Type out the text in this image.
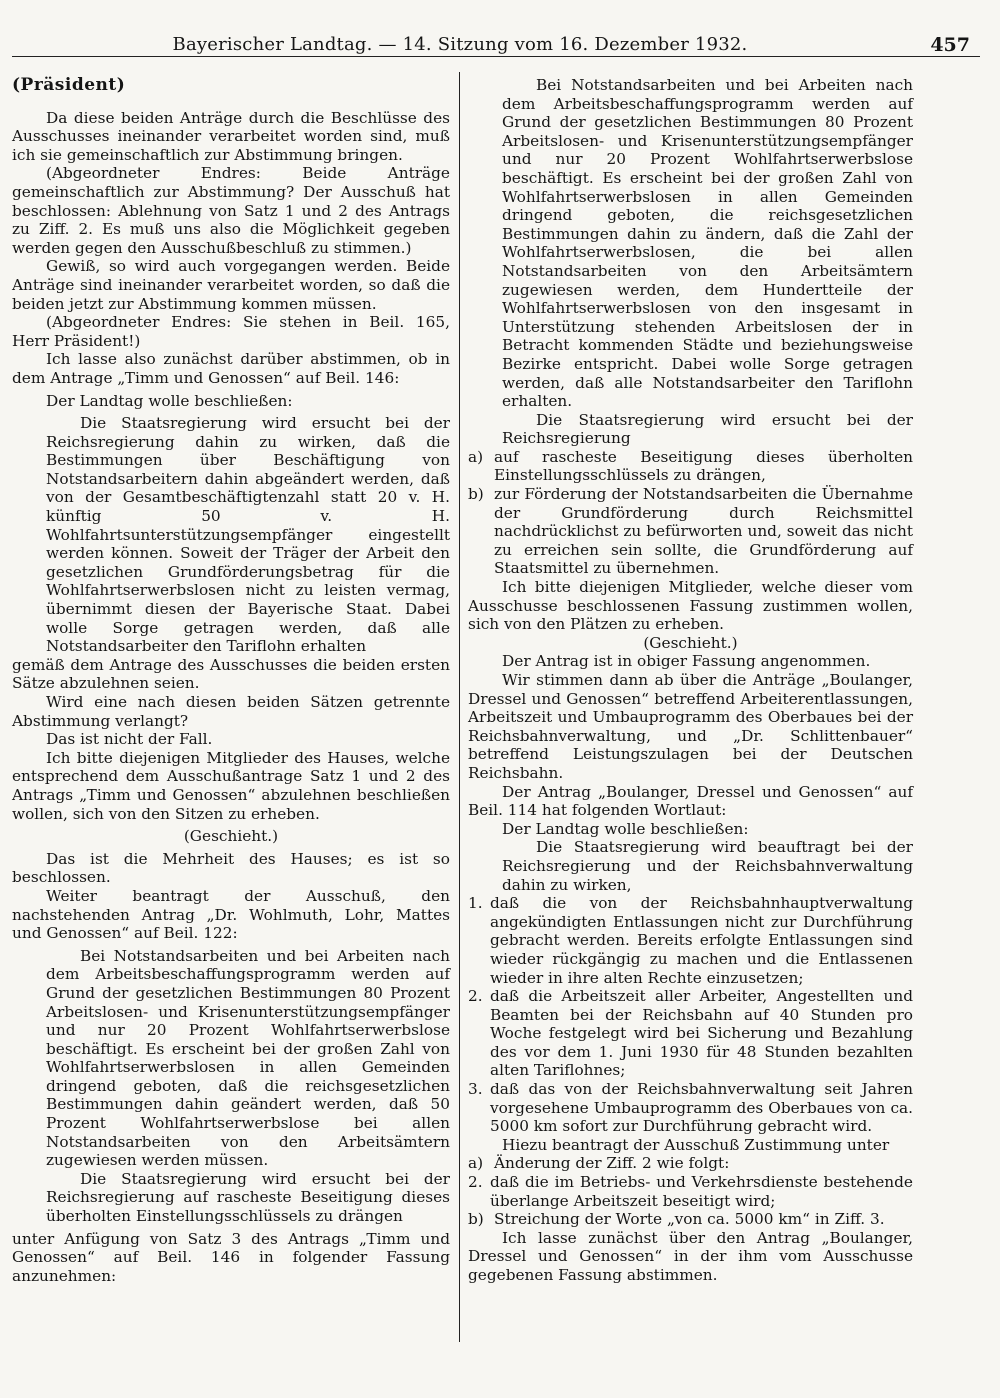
Bayerischer Landtag. — 14. Sitzung vom 16. Dezember 1932.	457

(Präsident)

Da diese beiden Anträge durch die Beschlüsse des Ausschusses ineinander verarbeitet worden sind, muß ich sie gemeinschaftlich zur Abstimmung bringen.

(Abgeordneter Endres: Beide Anträge gemeinschaftlich zur Abstimmung? Der Ausschuß hat beschlossen: Ablehnung von Satz 1 und 2 des Antrags zu Ziff. 2. Es muß uns also die Möglichkeit gegeben werden gegen den Ausschußbeschluß zu stimmen.)

Gewiß, so wird auch vorgegangen werden. Beide Anträge sind ineinander verarbeitet worden, so daß die beiden jetzt zur Abstimmung kommen müssen.

(Abgeordneter Endres: Sie stehen in Beil. 165, Herr Präsident!)

Ich lasse also zunächst darüber abstimmen, ob in dem Antrage „Timm und Genossen“ auf Beil. 146:

Der Landtag wolle beschließen:

Die Staatsregierung wird ersucht bei der Reichsregierung dahin zu wirken, daß die Bestimmungen über Beschäftigung von Notstandsarbeitern dahin abgeändert werden, daß von der Gesamtbeschäftigtenzahl statt 20 v. H. künftig 50 v. H. Wohlfahrtsunterstützungsempfänger eingestellt werden können. Soweit der Träger der Arbeit den gesetzlichen Grundförderungsbetrag für die Wohlfahrtserwerbslosen nicht zu leisten vermag, übernimmt diesen der Bayerische Staat. Dabei wolle Sorge getragen werden, daß alle Notstandsarbeiter den Tariflohn erhalten

gemäß dem Antrage des Ausschusses die beiden ersten Sätze abzulehnen seien.

Wird eine nach diesen beiden Sätzen getrennte Abstimmung verlangt?

Das ist nicht der Fall.

Ich bitte diejenigen Mitglieder des Hauses, welche entsprechend dem Ausschußantrage Satz 1 und 2 des Antrags „Timm und Genossen“ abzulehnen beschließen wollen, sich von den Sitzen zu erheben.

(Geschieht.)

Das ist die Mehrheit des Hauses; es ist so beschlossen.

Weiter beantragt der Ausschuß, den nachstehenden Antrag „Dr. Wohlmuth, Lohr, Mattes und Genossen“ auf Beil. 122:

Bei Notstandsarbeiten und bei Arbeiten nach dem Arbeitsbeschaffungsprogramm werden auf Grund der gesetzlichen Bestimmungen 80 Prozent Arbeitslosen- und Krisenunterstützungsempfänger und nur 20 Prozent Wohlfahrtserwerbslose beschäftigt. Es erscheint bei der großen Zahl von Wohlfahrtserwerbslosen in allen Gemeinden dringend geboten, daß die reichsgesetzlichen Bestimmungen dahin geändert werden, daß 50 Prozent Wohlfahrtserwerbslose bei allen Notstandsarbeiten von den Arbeitsämtern zugewiesen werden müssen.

Die Staatsregierung wird ersucht bei der Reichsregierung auf rascheste Beseitigung dieses überholten Einstellungsschlüssels zu drängen

unter Anfügung von Satz 3 des Antrags „Timm und Genossen“ auf Beil. 146 in folgender Fassung anzunehmen:

Bei Notstandsarbeiten und bei Arbeiten nach dem Arbeitsbeschaffungsprogramm werden auf Grund der gesetzlichen Bestimmungen 80 Prozent Arbeitslosen- und Krisenunterstützungsempfänger und nur 20 Prozent Wohlfahrtserwerbslose beschäftigt. Es erscheint bei der großen Zahl von Wohlfahrtserwerbslosen in allen Gemeinden dringend geboten, die reichsgesetzlichen Bestimmungen dahin zu ändern, daß die Zahl der Wohlfahrtserwerbslosen, die bei allen Notstandsarbeiten von den Arbeitsämtern zugewiesen werden, dem Hundertteile der Wohlfahrtserwerbslosen von den insgesamt in Unterstützung stehenden Arbeitslosen der in Betracht kommenden Städte und beziehungsweise Bezirke entspricht. Dabei wolle Sorge getragen werden, daß alle Notstandsarbeiter den Tariflohn erhalten.

Die Staatsregierung wird ersucht bei der Reichsregierung

a) auf rascheste Beseitigung dieses überholten Einstellungsschlüssels zu drängen,
b) zur Förderung der Notstandsarbeiten die Übernahme der Grundförderung durch Reichsmittel nachdrücklichst zu befürworten und, soweit das nicht zu erreichen sein sollte, die Grundförderung auf Staatsmittel zu übernehmen.

Ich bitte diejenigen Mitglieder, welche dieser vom Ausschusse beschlossenen Fassung zustimmen wollen, sich von den Plätzen zu erheben.

(Geschieht.)

Der Antrag ist in obiger Fassung angenommen.

Wir stimmen dann ab über die Anträge „Boulanger, Dressel und Genossen“ betreffend Arbeiterentlassungen, Arbeitszeit und Umbauprogramm des Oberbaues bei der Reichsbahnverwaltung, und „Dr. Schlittenbauer“ betreffend Leistungszulagen bei der Deutschen Reichsbahn.

Der Antrag „Boulanger, Dressel und Genossen“ auf Beil. 114 hat folgenden Wortlaut:

Der Landtag wolle beschließen:

Die Staatsregierung wird beauftragt bei der Reichsregierung und der Reichsbahnverwaltung dahin zu wirken,

1. daß die von der Reichsbahnhauptverwaltung angekündigten Entlassungen nicht zur Durchführung gebracht werden. Bereits erfolgte Entlassungen sind wieder rückgängig zu machen und die Entlassenen wieder in ihre alten Rechte einzusetzen;
2. daß die Arbeitszeit aller Arbeiter, Angestellten und Beamten bei der Reichsbahn auf 40 Stunden pro Woche festgelegt wird bei Sicherung und Bezahlung des vor dem 1. Juni 1930 für 48 Stunden bezahlten alten Tariflohnes;
3. daß das von der Reichsbahnverwaltung seit Jahren vorgesehene Umbauprogramm des Oberbaues von ca. 5000 km sofort zur Durchführung gebracht wird.

Hiezu beantragt der Ausschuß Zustimmung unter

a) Änderung der Ziff. 2 wie folgt:
2. daß die im Betriebs- und Verkehrsdienste bestehende überlange Arbeitszeit beseitigt wird;
b) Streichung der Worte „von ca. 5000 km“ in Ziff. 3.

Ich lasse zunächst über den Antrag „Boulanger, Dressel und Genossen“ in der ihm vom Ausschusse gegebenen Fassung abstimmen.
